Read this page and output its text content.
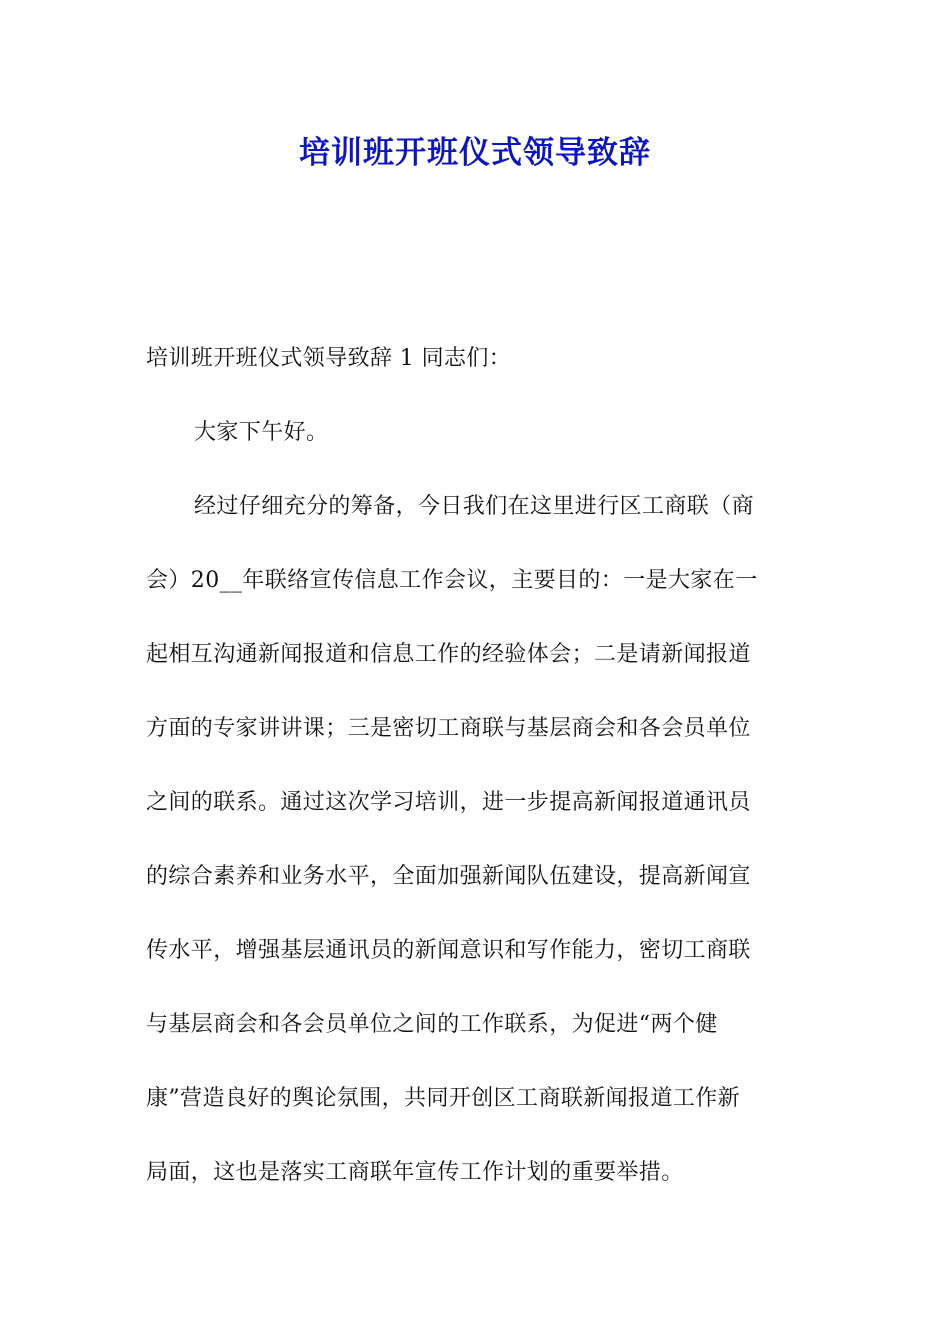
培训班开班仪式领导致辞
培训班开班仪式领导致辞 1 同志们：
大家下午好。
经过仔细充分的筹备，今日我们在这里进行区工商联（商
会）20__年联络宣传信息工作会议，主要目的：一是大家在一
起相互沟通新闻报道和信息工作的经验体会；二是请新闻报道
方面的专家讲讲课；三是密切工商联与基层商会和各会员单位
之间的联系。通过这次学习培训，进一步提高新闻报道通讯员
的综合素养和业务水平，全面加强新闻队伍建设，提高新闻宣
传水平，增强基层通讯员的新闻意识和写作能力，密切工商联
与基层商会和各会员单位之间的工作联系，为促进“两个健
康”营造良好的舆论氛围，共同开创区工商联新闻报道工作新
局面，这也是落实工商联年宣传工作计划的重要举措。
